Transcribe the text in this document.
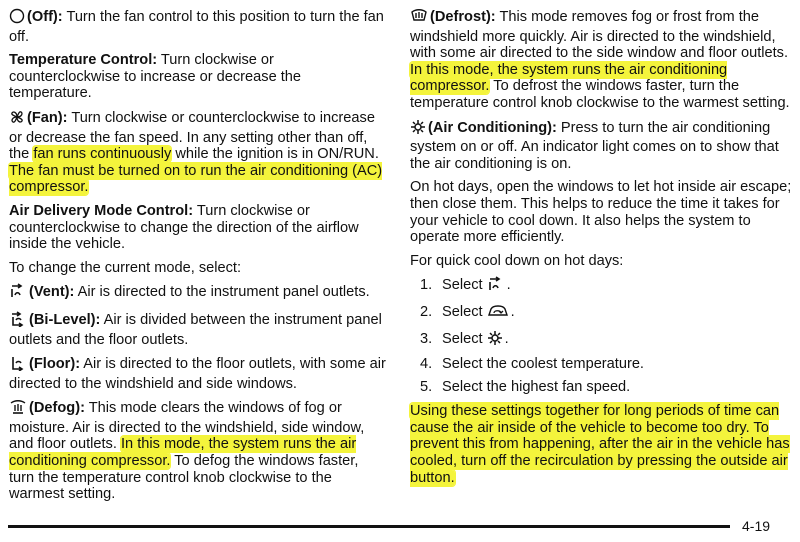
(Off): Turn the fan control to this position to turn the fan off.

Temperature Control: Turn clockwise or counterclockwise to increase or decrease the temperature.

(Fan): Turn clockwise or counterclockwise to increase or decrease the fan speed. In any setting other than off, the fan runs continuously while the ignition is in ON/RUN. The fan must be turned on to run the air conditioning (AC) compressor.

Air Delivery Mode Control: Turn clockwise or counterclockwise to change the direction of the airflow inside the vehicle.

To change the current mode, select:

(Vent): Air is directed to the instrument panel outlets.

(Bi-Level): Air is divided between the instrument panel outlets and the floor outlets.

(Floor): Air is directed to the floor outlets, with some air directed to the windshield and side windows.

(Defog): This mode clears the windows of fog or moisture. Air is directed to the windshield, side window, and floor outlets. In this mode, the system runs the air conditioning compressor. To defog the windows faster, turn the temperature control knob clockwise to the warmest setting.

(Defrost): This mode removes fog or frost from the windshield more quickly. Air is directed to the windshield, with some air directed to the side window and floor outlets. In this mode, the system runs the air conditioning compressor. To defrost the windows faster, turn the temperature control knob clockwise to the warmest setting.

(Air Conditioning): Press to turn the air conditioning system on or off. An indicator light comes on to show that the air conditioning is on.

On hot days, open the windows to let hot inside air escape; then close them. This helps to reduce the time it takes for your vehicle to cool down. It also helps the system to operate more efficiently.

For quick cool down on hot days:

1. Select .
2. Select .
3. Select .
4. Select the coolest temperature.
5. Select the highest fan speed.

Using these settings together for long periods of time can cause the air inside of the vehicle to become too dry. To prevent this from happening, after the air in the vehicle has cooled, turn off the recirculation by pressing the outside air button.

4-19
